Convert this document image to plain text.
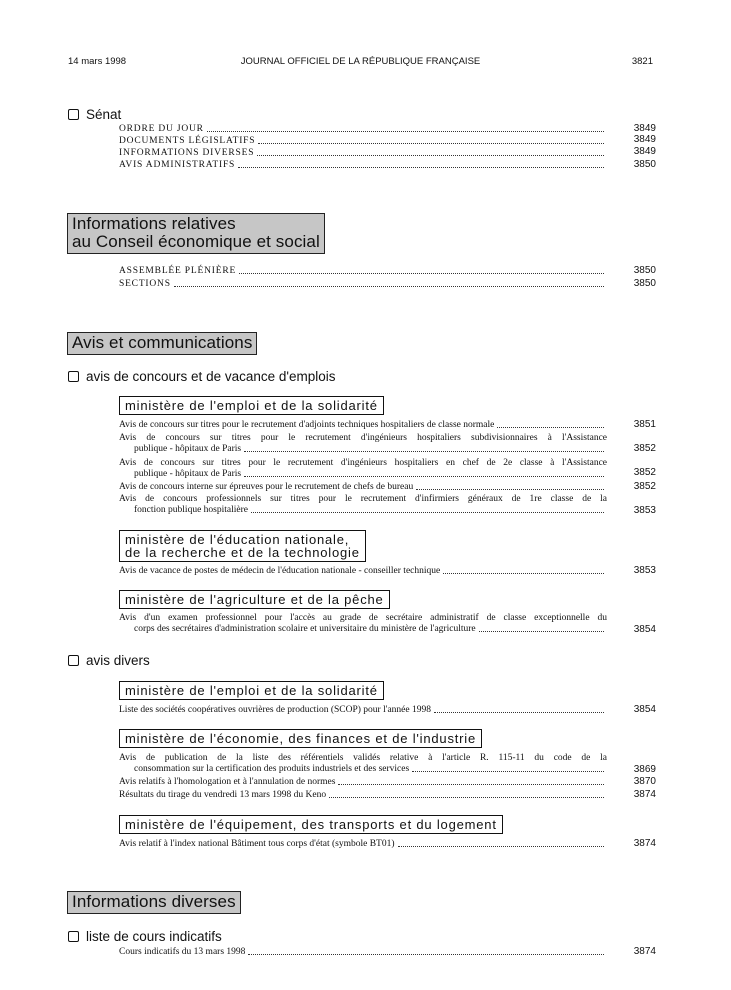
14 mars 1998	JOURNAL OFFICIEL DE LA RÉPUBLIQUE FRANÇAISE	3821
Sénat
ORDRE DU JOUR	3849
DOCUMENTS LÉGISLATIFS	3849
INFORMATIONS DIVERSES	3849
AVIS ADMINISTRATIFS	3850
Informations relatives
au Conseil économique et social
ASSEMBLÉE PLÉNIÈRE	3850
SECTIONS	3850
Avis et communications
avis de concours et de vacance d'emplois
ministère de l'emploi et de la solidarité
Avis de concours sur titres pour le recrutement d'adjoints techniques hospitaliers de classe normale	3851
Avis de concours sur titres pour le recrutement d'ingénieurs hospitaliers subdivisionnaires à l'Assistance
publique - hôpitaux de Paris	3852
Avis de concours sur titres pour le recrutement d'ingénieurs hospitaliers en chef de 2e classe à l'Assistance
publique - hôpitaux de Paris	3852
Avis de concours interne sur épreuves pour le recrutement de chefs de bureau	3852
Avis de concours professionnels sur titres pour le recrutement d'infirmiers généraux de 1re classe de la
fonction publique hospitalière	3853
ministère de l'éducation nationale,
de la recherche et de la technologie
Avis de vacance de postes de médecin de l'éducation nationale - conseiller technique	3853
ministère de l'agriculture et de la pêche
Avis d'un examen professionnel pour l'accès au grade de secrétaire administratif de classe exceptionnelle du
corps des secrétaires d'administration scolaire et universitaire du ministère de l'agriculture	3854
avis divers
ministère de l'emploi et de la solidarité
Liste des sociétés coopératives ouvrières de production (SCOP) pour l'année 1998	3854
ministère de l'économie, des finances et de l'industrie
Avis de publication de la liste des référentiels validés relative à l'article R. 115-11 du code de la
consommation sur la certification des produits industriels et des services	3869
Avis relatifs à l'homologation et à l'annulation de normes	3870
Résultats du tirage du vendredi 13 mars 1998 du Keno	3874
ministère de l'équipement, des transports et du logement
Avis relatif à l'index national Bâtiment tous corps d'état (symbole BT01)	3874
Informations diverses
liste de cours indicatifs
Cours indicatifs du 13 mars 1998	3874
